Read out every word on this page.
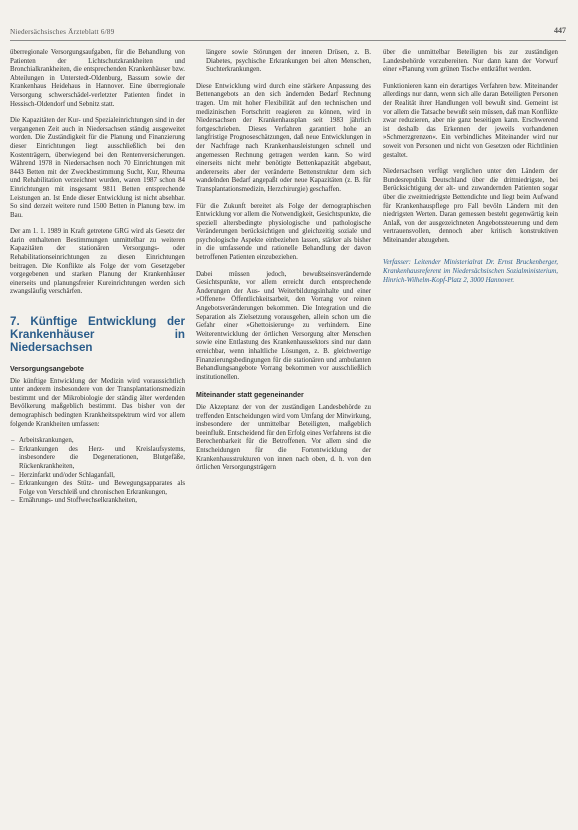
Niedersächsisches Ärzteblatt 6/89	447

überregionale Versorgungsaufgaben, für die Behandlung von Patienten der Lichtschutzkrankheiten und Bronchialkrankheiten, die entsprechenden Krankenhäuser bzw. Abteilungen in Unterstedt-Oldenburg, Bassum sowie der Krankenhaus Heidehaus in Hannover. Eine überregionale Versorgung schwerschädel-verletzter Patienten findet in Hessisch-Oldendorf und Sebnitz statt.

Die Kapazitäten der Kur- und Spezialeinrichtungen sind in der vergangenen Zeit auch in Niedersachsen ständig ausgeweitet worden. Die Zuständigkeit für die Planung und Finanzierung dieser Einrichtungen liegt ausschließlich bei den Kostenträgern, überwiegend bei den Rentenversicherungen. Während 1978 in Niedersachsen noch 70 Einrichtungen mit 8443 Betten mit der Zweckbestimmung Sucht, Kur, Rheuma und Rehabilitation verzeichnet wurden, waren 1987 schon 84 Einrichtungen mit insgesamt 9811 Betten entsprechende Leistungen an. Ist Ende dieser Entwicklung ist nicht absehbar. So sind derzeit weitere rund 1500 Betten in Planung bzw. im Bau.

Der am 1. 1. 1989 in Kraft getretene GRG wird als Gesetz der darin enthaltenen Bestimmungen unmittelbar zu weiteren Kapazitäten der stationären Versorgungs- oder Rehabilitationseinrichtungen zu diesen Einrichtungen beitragen. Die Konflikte als Folge der vom Gesetzgeber vorgegebenen und starken Planung der Krankenhäuser einerseits und planungsfreier Kureinrichtungen werden sich zwangsläufig verschärfen.

7. Künftige Entwicklung der Krankenhäuser in Niedersachsen
Versorgungsangebote

Die künftige Entwicklung der Medizin wird voraussichtlich unter anderem insbesondere von der Transplantationsmedizin bestimmt und der Mikrobiologie der ständig älter werdenden Bevölkerung maßgeblich bestimmt. Das bisher von der demographisch bedingten Krankheitsspektrum wird vor allem folgende Krankheiten umfassen:

– Arbeitskrankungen,
– Erkrankungen des Herz- und Kreislaufsystems, insbesondere die Degenerationen, Blutgefäße, Rückenkrankheiten,
– Herzinfarkt und/oder Schlaganfall,
– Erkrankungen des Stütz- und Bewegungsapparates als Folge von Verschleiß und chronischen Erkrankungen,
– Ernährungs- und Stoffwechselkrankheiten,

längere sowie Störungen der inneren Drüsen, z. B. Diabetes, psychische Erkrankungen bei alten Menschen, Suchterkrankungen.

Diese Entwicklung wird durch eine stärkere Anpassung des Bettenangebots an den sich ändernden Bedarf Rechnung tragen. Um mit hoher Flexibilität auf den technischen und medizinischen Fortschritt reagieren zu können, wird in Niedersachsen der Krankenhausplan seit 1983 jährlich fortgeschrieben. Dieses Verfahren garantiert hohe an langfristige Prognoseschätzungen, daß neue Entwicklungen in der Nachfrage nach Krankenhausleistungen schnell und angemessen Rechnung getragen werden kann. So wird einerseits nicht mehr benötigte Bettenkapazität abgebaut, andererseits aber der veränderte Bettenstruktur dem sich wandelnden Bedarf angepaßt oder neue Kapazitäten (z. B. für Transplantationsmedizin, Herzchirurgie) geschaffen.

Für die Zukunft bereitet als Folge der demographischen Entwicklung vor allem die Notwendigkeit, Gesichtspunkte, die speziell altersbedingte physiologische und pathologische Veränderungen berücksichtigen und gleichzeitig soziale und psychologische Aspekte einbeziehen lassen, stärker als bisher in die umfassende und rationelle Behandlung der davon betroffenen Patienten einzubeziehen.

Dabei müssen jedoch, bewußtseinsverändernde Gesichtspunkte, vor allem erreicht durch entsprechende Änderungen der Aus- und Weiterbildungsinhalte und einer »Offenen« Öffentlichkeitsarbeit, den Vorrang vor reinen Angebotsveränderungen bekommen. Die Integration und die Separation als Zielsetzung vorausgehen, allein schon um die Gefahr einer »Ghettoisierung« zu verhindern. Eine Weiterentwicklung der örtlichen Versorgung alter Menschen sowie eine Entlastung des Krankenhaussektors sind nur dann erreichbar, wenn inhaltliche Lösungen, z. B. gleichwertige Finanzierungsbedingungen für die stationären und ambulanten Behandlungsangebote Vorrang bekommen vor ausschließlich institutionellen.

Miteinander statt gegeneinander

Die Akzeptanz der von der zuständigen Landesbehörde zu treffenden Entscheidungen wird vom Umfang der Mitwirkung, insbesondere der unmittelbar Beteiligten, maßgeblich beeinflußt. Entscheidend für den Erfolg eines Verfahrens ist die Berechenbarkeit für die Betroffenen. Vor allem sind die Entscheidungen für die Fortentwicklung der Krankenhausstrukturen von innen nach oben, d. h. von den örtlichen Versorgungsträgern

über die unmittelbar Beteiligten bis zur zuständigen Landesbehörde vorzubereiten. Nur dann kann der Vorwurf einer »Planung vom grünen Tisch« entkräftet werden.

Funktionieren kann ein derartiges Verfahren bzw. Miteinander allerdings nur dann, wenn sich alle daran Beteiligten Personen der Realität ihrer Handlungen voll bewußt sind. Gemeint ist vor allem die Tatsache bewußt sein müssen, daß man Konflikte zwar reduzieren, aber nie ganz beseitigen kann. Erschwerend ist deshalb das Erkennen der jeweils vorhandenen »Schmerzgrenzen«. Ein verbindliches Miteinander wird nur soweit von Personen und nicht von Gesetzen oder Richtlinien gestaltet.

Niedersachsen verfügt verglichen unter den Ländern der Bundesrepublik Deutschland über die drittniedrigste, bei Berücksichtigung der alt- und zuwandernden Patienten sogar über die zweitniedrigste Bettendichte und liegt beim Aufwand für Krankenhauspflege pro Fall bevöln Ländern mit den niedrigsten Werten. Daran gemessen besteht gegenwärtig kein Anlaß, von der ausgezeichneten Angebotssteuerung und dem vertrauensvollen, dennoch aber kritisch konstruktiven Miteinander abzugehen.

Verfasser: Leitender Ministerialrat Dr. Ernst Bruckenberger, Krankenhausreferent im Niedersächsischen Sozialministerium, Hinrich-Wilhelm-Kopf-Platz 2, 3000 Hannover.
